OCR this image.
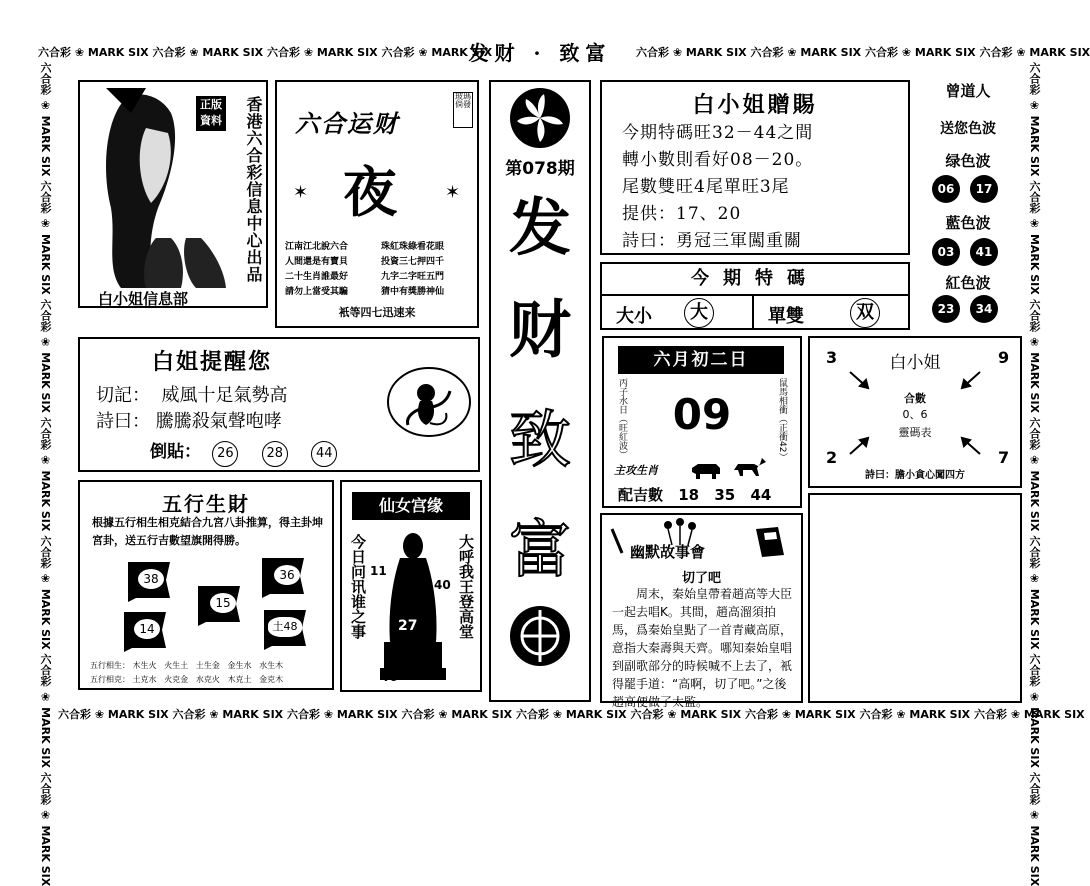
六合彩 ❀ MARK SIX 六合彩 ❀ MARK SIX 六合彩 ❀ MARK SIX 六合彩 ❀ MARK SIX
发财 · 致富	六合彩 ❀ MARK SIX 六合彩 ❀ MARK SIX 六合彩 ❀ MARK SIX 六合彩 ❀ MARK SIX
六合彩 ❀ MARK SIX 六合彩 ❀ MARK SIX 六合彩 ❀ MARK SIX 六合彩 ❀ MARK SIX 六合彩 ❀ MARK SIX 六合彩 ❀ MARK SIX 六合彩 ❀ MARK SIX 六合彩 ❀ MARK SIX 六合彩 ❀ MARK SIX
六合彩 ❀ MARK SIX 六合彩 ❀ MARK SIX 六合彩 ❀ MARK SIX 六合彩 ❀ MARK SIX 六合彩 ❀ MARK SIX 六合彩 ❀ MARK SIX 六合彩 ❀ MARK SIX
六合彩 ❀ MARK SIX 六合彩 ❀ MARK SIX 六合彩 ❀ MARK SIX 六合彩 ❀ MARK SIX 六合彩 ❀ MARK SIX 六合彩 ❀ MARK SIX 六合彩 ❀ MARK SIX
正版資料
白小姐信息部
香港六合彩信息中心出品 六合运财
玻瑪倘發
✶	✶
夜
江南江北說六合
人間還是有寶貝
二十生肖誰最好
請勿上當受其騙
珠紅珠綠看花眼
投資三七押四千
九字二字旺五門
猜中有獎勝神仙
衹等四七迅速来
第078期
发
财
致
富
白小姐贈賜
今期特碼旺32－44之間
轉小數則看好08－20。
尾數雙旺4尾單旺3尾
提供：17、20
詩曰：勇冠三軍闖重關
曾道人
送您色波
绿色波
06 17
藍色波
03 41
紅色波
23 34
今期特碼
大小	大	單雙	双
白姐提醒您
切記： 威風十足氣勢高
詩曰： 騰騰殺氣聲咆哮
倒貼： 26	28	44
六月初二日
丙子水日（旺紅波）	鼠馬相衝（正衝42）
09
主攻生肖
配吉數 18 35 44
3	9
2	7
白小姐
合數
0、6
靈碼表
詩曰：膽小貪心闖四方
五行生財
根據五行相生相克結合九宮八卦推算，得主卦坤宮卦，送五行吉數望旗開得勝。
38	36
15
14	土48
五行相生： 木生火 火生土 土生金 金生水 水生木
五行相克： 土克水 火克金 水克火 木克土 金克木
仙女宫缘
今日问讯谁之事	大呼我王登高堂
11
40
27
46
幽默故事會
切了吧
周末，秦始皇帶着趙高等大臣一起去唱K。其間，趙高溜須拍馬，爲秦始皇點了一首青藏高原，意指大秦壽與天齊。哪知秦始皇唱到副歌部分的時候喊不上去了，衹得罷手道：“高啊，切了吧。”之後趙高便做了太監。
